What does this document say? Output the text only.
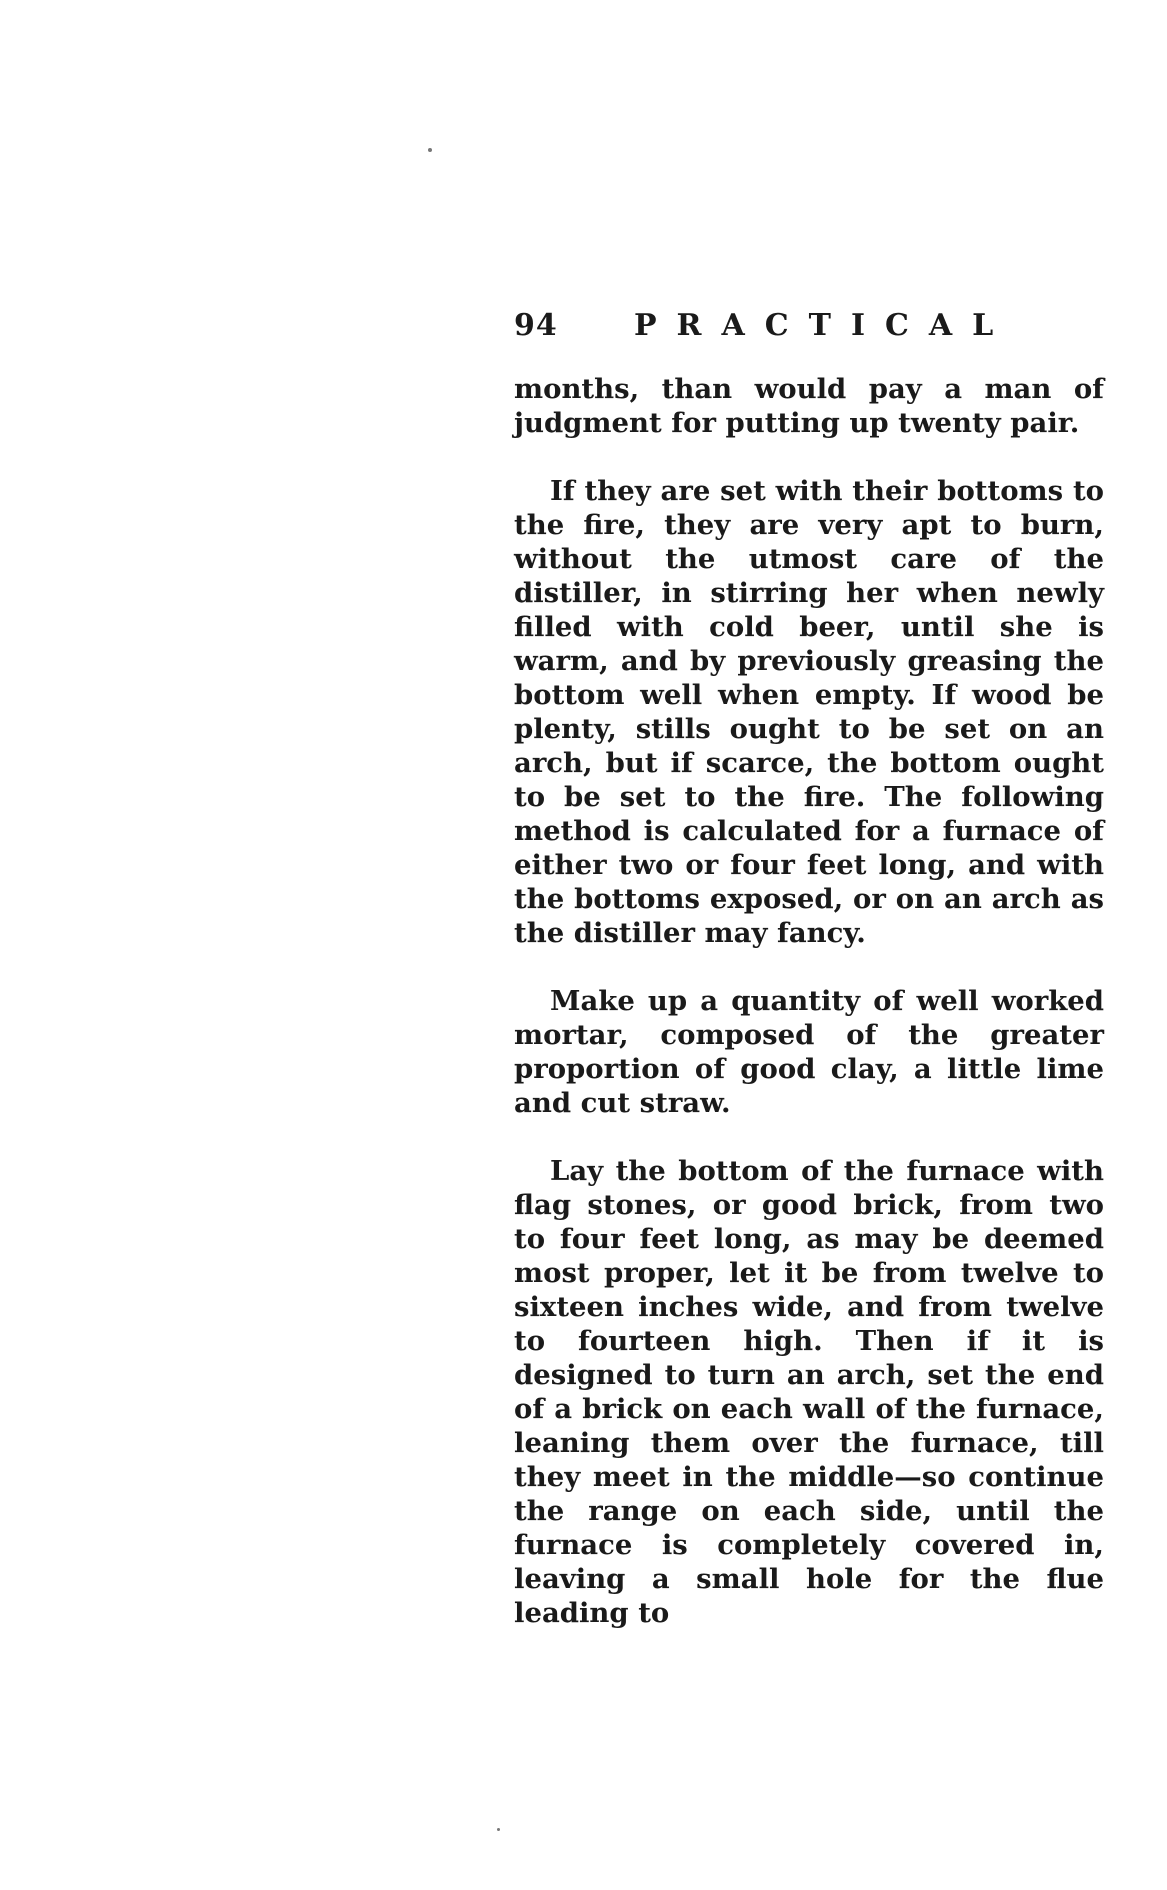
94	PRACTICAL

months, than would pay a man of judgment for putting up twenty pair.

If they are set with their bottoms to the fire, they are very apt to burn, without the utmost care of the distiller, in stirring her when newly filled with cold beer, until she is warm, and by previously greasing the bottom well when empty. If wood be plenty, stills ought to be set on an arch, but if scarce, the bottom ought to be set to the fire. The following method is calculated for a furnace of either two or four feet long, and with the bottoms exposed, or on an arch as the distiller may fancy.

Make up a quantity of well worked mortar, composed of the greater proportion of good clay, a little lime and cut straw.

Lay the bottom of the furnace with flag stones, or good brick, from two to four feet long, as may be deemed most proper, let it be from twelve to sixteen inches wide, and from twelve to fourteen high. Then if it is designed to turn an arch, set the end of a brick on each wall of the furnace, leaning them over the furnace, till they meet in the middle—so continue the range on each side, until the furnace is completely covered in, leaving a small hole for the flue leading to
